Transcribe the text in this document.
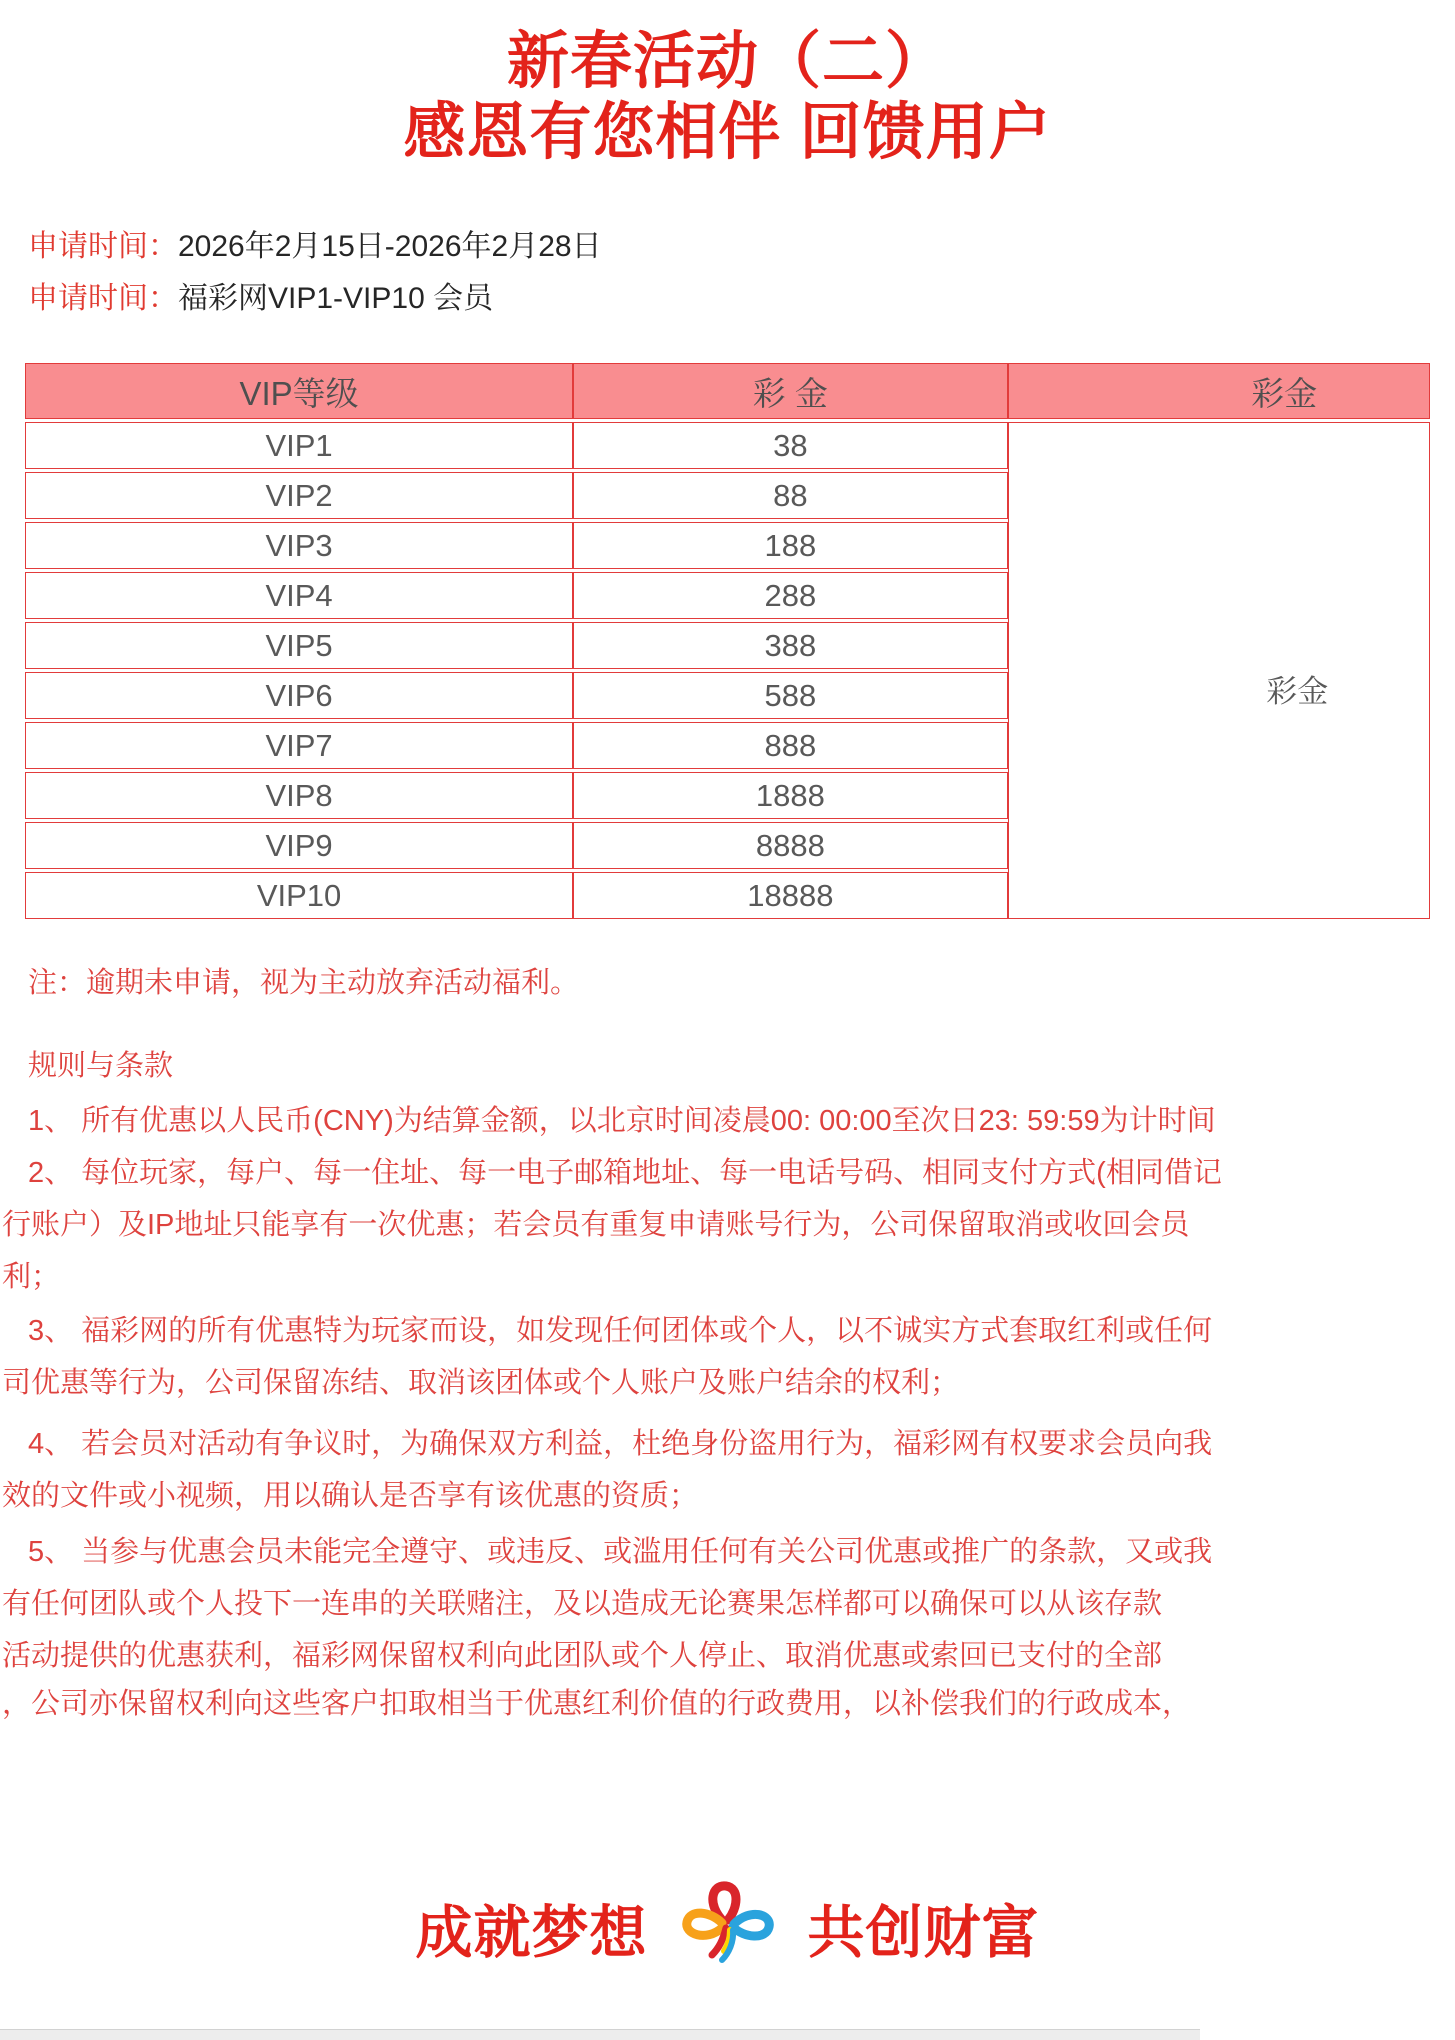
新春活动（二）
感恩有您相伴 回馈用户
申请时间：2026年2月15日-2026年2月28日
申请时间：福彩网VIP1-VIP10 会员
VIP等级	彩 金	彩金
VIP1	38	彩金
VIP2	88	
VIP3	188	
VIP4	288	
VIP5	388	
VIP6	588	
VIP7	888	
VIP8	1888	
VIP9	8888	
VIP10	18888	
注：逾期未申请，视为主动放弃活动福利。
规则与条款
1、 所有优惠以人民币(CNY)为结算金额，以北京时间凌晨00: 00:00至次日23: 59:59为计时间
2、 每位玩家，每户、每一住址、每一电子邮箱地址、每一电话号码、相同支付方式(相同借记
行账户）及IP地址只能享有一次优惠；若会员有重复申请账号行为，公司保留取消或收回会员
利；
3、 福彩网的所有优惠特为玩家而设，如发现任何团体或个人，以不诚实方式套取红利或任何
司优惠等行为，公司保留冻结、取消该团体或个人账户及账户结余的权利；
4、 若会员对活动有争议时，为确保双方利益，杜绝身份盗用行为，福彩网有权要求会员向我
效的文件或小视频，用以确认是否享有该优惠的资质；
5、 当参与优惠会员未能完全遵守、或违反、或滥用任何有关公司优惠或推广的条款，又或我
有任何团队或个人投下一连串的关联赌注，及以造成无论赛果怎样都可以确保可以从该存款
活动提供的优惠获利，福彩网保留权利向此团队或个人停止、取消优惠或索回已支付的全部
，公司亦保留权利向这些客户扣取相当于优惠红利价值的行政费用，以补偿我们的行政成本，
成就梦想	共创财富
